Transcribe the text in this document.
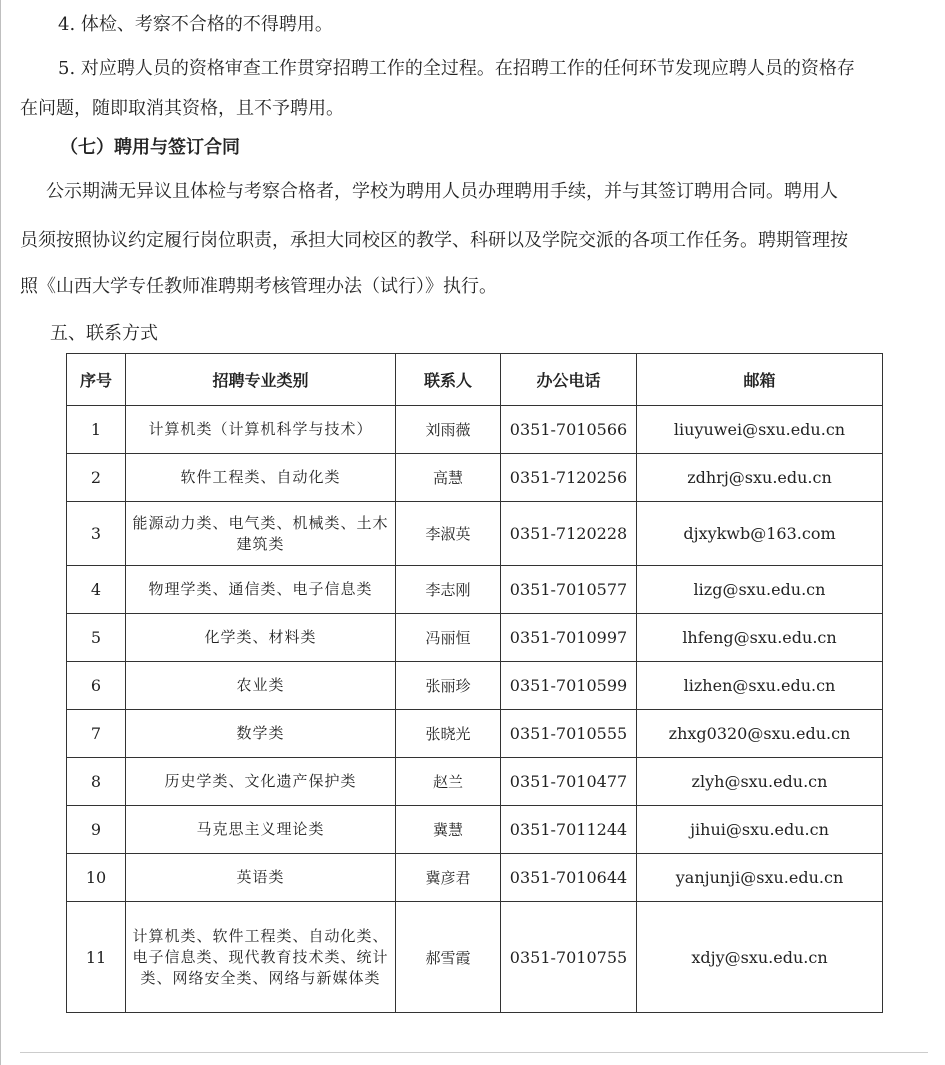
4. 体检、考察不合格的不得聘用。
5. 对应聘人员的资格审查工作贯穿招聘工作的全过程。在招聘工作的任何环节发现应聘人员的资格存
在问题，随即取消其资格，且不予聘用。
（七）聘用与签订合同
公示期满无异议且体检与考察合格者，学校为聘用人员办理聘用手续，并与其签订聘用合同。聘用人
员须按照协议约定履行岗位职责，承担大同校区的教学、科研以及学院交派的各项工作任务。聘期管理按
照《山西大学专任教师准聘期考核管理办法（试行）》执行。
五、联系方式
序号	招聘专业类别	联系人	办公电话	邮箱
1	计算机类（计算机科学与技术）	刘雨薇	0351-7010566	liuyuwei@sxu.edu.cn
2	软件工程类、自动化类	高慧	0351-7120256	zdhrj@sxu.edu.cn
3	能源动力类、电气类、机械类、土木建筑类	李淑英	0351-7120228	djxykwb@163.com
4	物理学类、通信类、电子信息类	李志刚	0351-7010577	lizg@sxu.edu.cn
5	化学类、材料类	冯丽恒	0351-7010997	lhfeng@sxu.edu.cn
6	农业类	张丽珍	0351-7010599	lizhen@sxu.edu.cn
7	数学类	张晓光	0351-7010555	zhxg0320@sxu.edu.cn
8	历史学类、文化遗产保护类	赵兰	0351-7010477	zlyh@sxu.edu.cn
9	马克思主义理论类	冀慧	0351-7011244	jihui@sxu.edu.cn
10	英语类	冀彦君	0351-7010644	yanjunji@sxu.edu.cn
11	计算机类、软件工程类、自动化类、电子信息类、现代教育技术类、统计类、网络安全类、网络与新媒体类	郝雪霞	0351-7010755	xdjy@sxu.edu.cn
